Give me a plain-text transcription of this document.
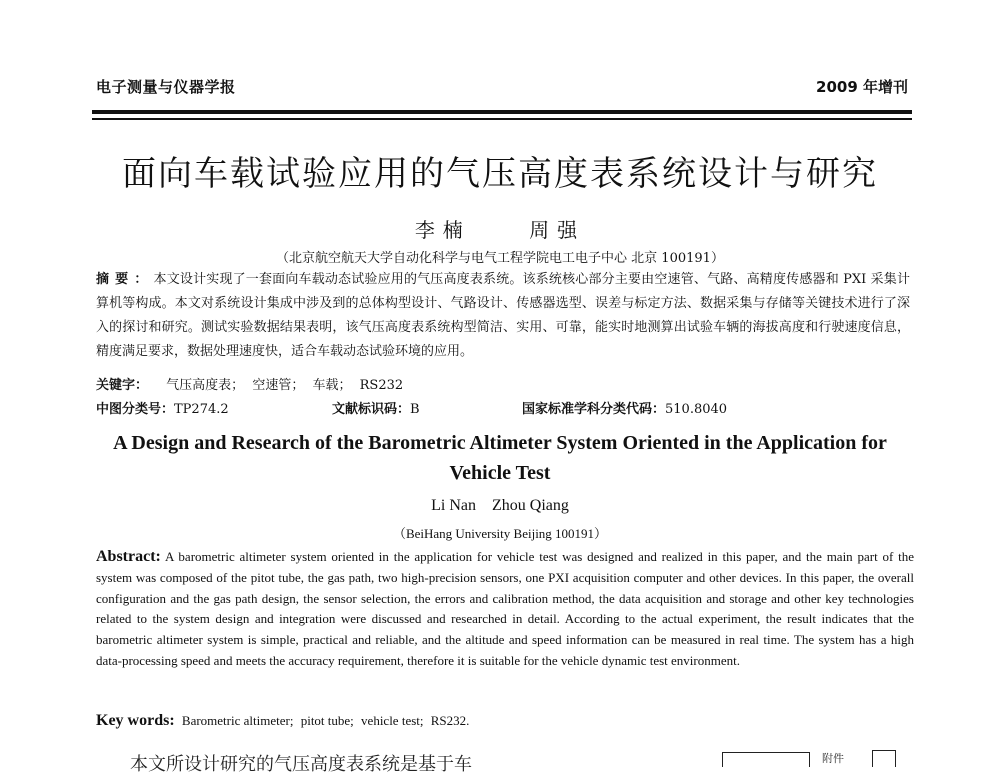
电子测量与仪器学报	2009 年增刊
面向车载试验应用的气压高度表系统设计与研究
李楠	周强
（北京航空航天大学自动化科学与电气工程学院电工电子中心 北京 100191）
摘要：本文设计实现了一套面向车载动态试验应用的气压高度表系统。该系统核心部分主要由空速管、气路、高精度传感器和 PXI 采集计算机等构成。本文对系统设计集成中涉及到的总体构型设计、气路设计、传感器选型、误差与标定方法、数据采集与存储等关键技术进行了深入的探讨和研究。测试实验数据结果表明，该气压高度表系统构型简洁、实用、可靠，能实时地测算出试验车辆的海拔高度和行驶速度信息，精度满足要求，数据处理速度快，适合车载动态试验环境的应用。
关键字： 气压高度表； 空速管； 车载； RS232
中图分类号：TP274.2	文献标识码：B	国家标准学科分类代码：510.8040
A Design and Research of the Barometric Altimeter System Oriented in the Application for Vehicle Test
Li Nan Zhou Qiang
（BeiHang University Beijing 100191）
Abstract: A barometric altimeter system oriented in the application for vehicle test was designed and realized in this paper, and the main part of the system was composed of the pitot tube, the gas path, two high-precision sensors, one PXI acquisition computer and other devices. In this paper, the overall configuration and the gas path design, the sensor selection, the errors and calibration method, the data acquisition and storage and other key technologies related to the system design and integration were discussed and researched in detail. According to the actual experiment, the result indicates that the barometric altimeter system is simple, practical and reliable, and the altitude and speed information can be measured in real time. The system has a high data-processing speed and meets the accuracy requirement, therefore it is suitable for the vehicle dynamic test environment.
Key words: Barometric altimeter; pitot tube; vehicle test; RS232.
本文所设计研究的气压高度表系统是基于车	附件
